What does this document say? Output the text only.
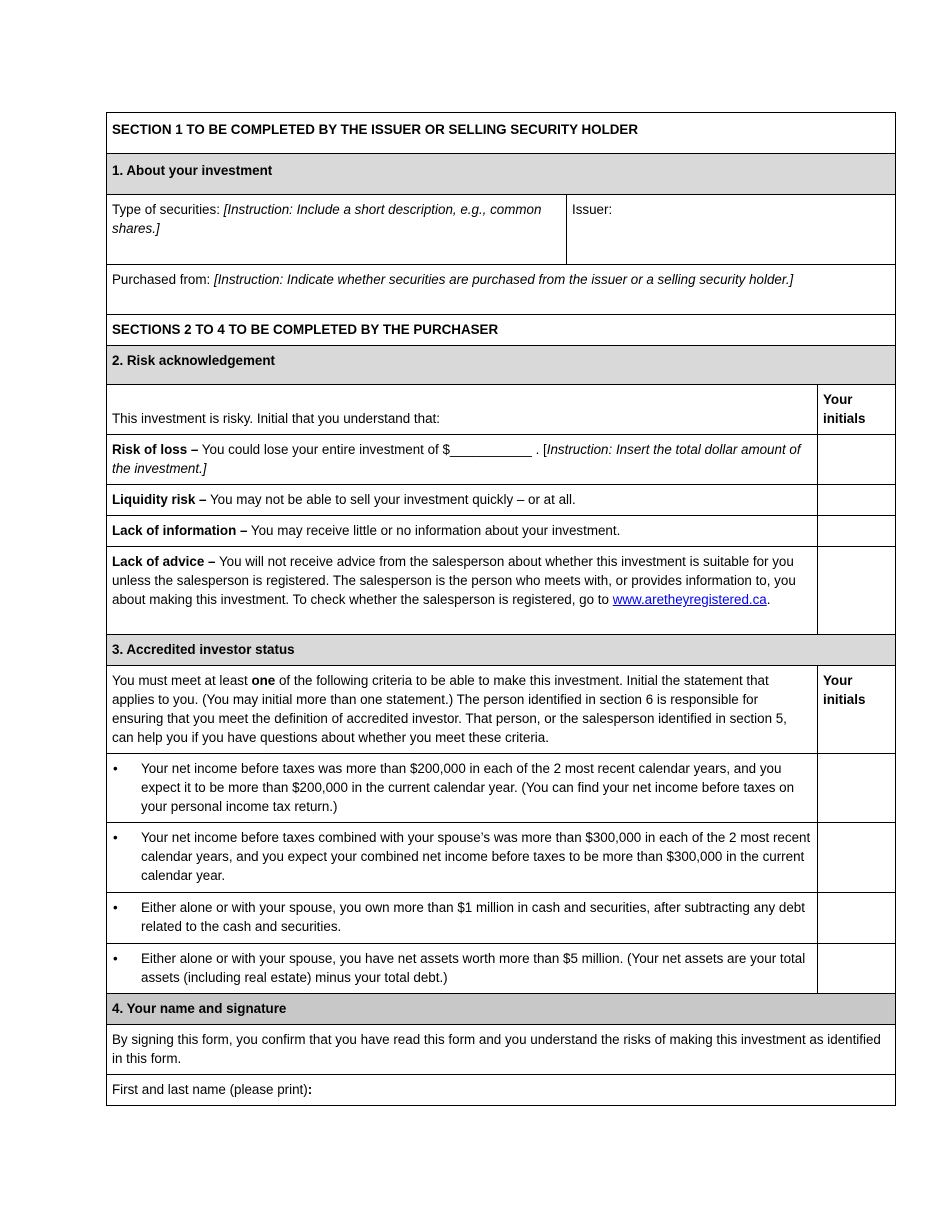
SECTION 1 TO BE COMPLETED BY THE ISSUER OR SELLING SECURITY HOLDER		
1. About your investment		
Type of securities: [Instruction: Include a short description, e.g., common shares.]	Issuer:	
Purchased from: [Instruction: Indicate whether securities are purchased from the issuer or a selling security holder.]		
SECTIONS 2 TO 4 TO BE COMPLETED BY THE PURCHASER		
2. Risk acknowledgement		
This investment is risky. Initial that you understand that:		Your initials
Risk of loss – You could lose your entire investment of $___________ . [Instruction: Insert the total dollar amount of the investment.]		
Liquidity risk – You may not be able to sell your investment quickly – or at all.		
Lack of information – You may receive little or no information about your investment.		
Lack of advice – You will not receive advice from the salesperson about whether this investment is suitable for you unless the salesperson is registered. The salesperson is the person who meets with, or provides information to, you about making this investment. To check whether the salesperson is registered, go to www.aretheyregistered.ca.		
3. Accredited investor status		
You must meet at least one of the following criteria to be able to make this investment. Initial the statement that applies to you. (You may initial more than one statement.) The person identified in section 6 is responsible for ensuring that you meet the definition of accredited investor. That person, or the salesperson identified in section 5, can help you if you have questions about whether you meet these criteria.		Your initials

• Your net income before taxes was more than $200,000 in each of the 2 most recent calendar years, and you expect it to be more than $200,000 in the current calendar year. (You can find your net income before taxes on your personal income tax return.)		

• Your net income before taxes combined with your spouse’s was more than $300,000 in each of the 2 most recent calendar years, and you expect your combined net income before taxes to be more than $300,000 in the current calendar year.		

• Either alone or with your spouse, you own more than $1 million in cash and securities, after subtracting any debt related to the cash and securities.		

• Either alone or with your spouse, you have net assets worth more than $5 million. (Your net assets are your total assets (including real estate) minus your total debt.)		

4. Your name and signature		
By signing this form, you confirm that you have read this form and you understand the risks of making this investment as identified in this form.		
First and last name (please print):		
